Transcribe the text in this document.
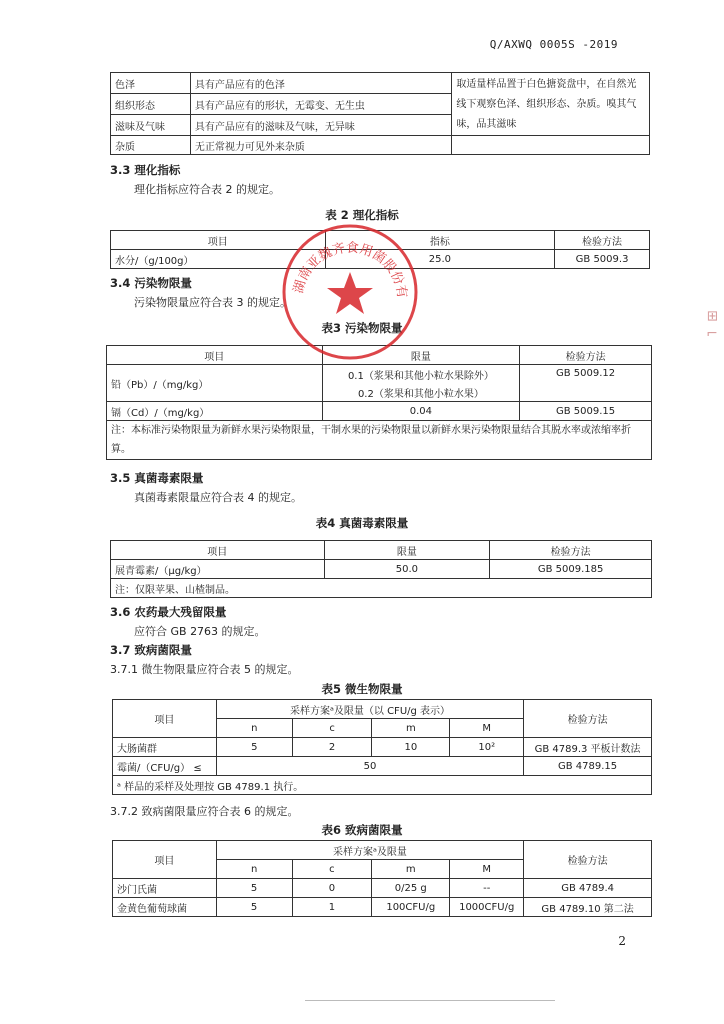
Q/AXWQ 0005S -2019
色泽	具有产品应有的色泽	取适量样品置于白色搪瓷盘中，在自然光线下观察色泽、组织形态、杂质。嗅其气味，品其滋味
组织形态	具有产品应有的形状，无霉变、无生虫	
滋味及气味	具有产品应有的滋味及气味，无异味	
杂质	无正常视力可见外来杂质	
3.3 理化指标
理化指标应符合表 2 的规定。
表 2 理化指标
项目	指标	检验方法
水分/（g/100g）	25.0	GB 5009.3
3.4 污染物限量
污染物限量应符合表 3 的规定。
表3 污染物限量
项目	限量	检验方法
铅（Pb）/（mg/kg）	0.1（浆果和其他小粒水果除外）	GB 5009.12
	0.2（浆果和其他小粒水果）	
镉（Cd）/（mg/kg）	0.04	GB 5009.15
注：本标准污染物限量为新鲜水果污染物限量，干制水果的污染物限量以新鲜水果污染物限量结合其脱水率或浓缩率折算。		
3.5 真菌毒素限量
真菌毒素限量应符合表 4 的规定。
表4 真菌毒素限量
项目	限量	检验方法
展青霉素/（μg/kg）	50.0	GB 5009.185
注：仅限苹果、山楂制品。		
3.6 农药最大残留限量
应符合 GB 2763 的规定。
3.7 致病菌限量
3.7.1 微生物限量应符合表 5 的规定。
表5 微生物限量
项目	采样方案ᵃ及限量（以 CFU/g 表示）				检验方法
	n	c	m	M	
大肠菌群	5	2	10	10²	GB 4789.3 平板计数法
霉菌/（CFU/g） ≤	50				GB 4789.15
ᵃ 样品的采样及处理按 GB 4789.1 执行。					
3.7.2 致病菌限量应符合表 6 的规定。
表6 致病菌限量
项目	采样方案ᵃ及限量				检验方法
	n	c	m	M	
沙门氏菌	5	0	0/25 g	--	GB 4789.4
金黄色葡萄球菌	5	1	100CFU/g	1000CFU/g	GB 4789.10 第二法
2
湖南亚魏齐食用菌股份有
⊞ ⌐
